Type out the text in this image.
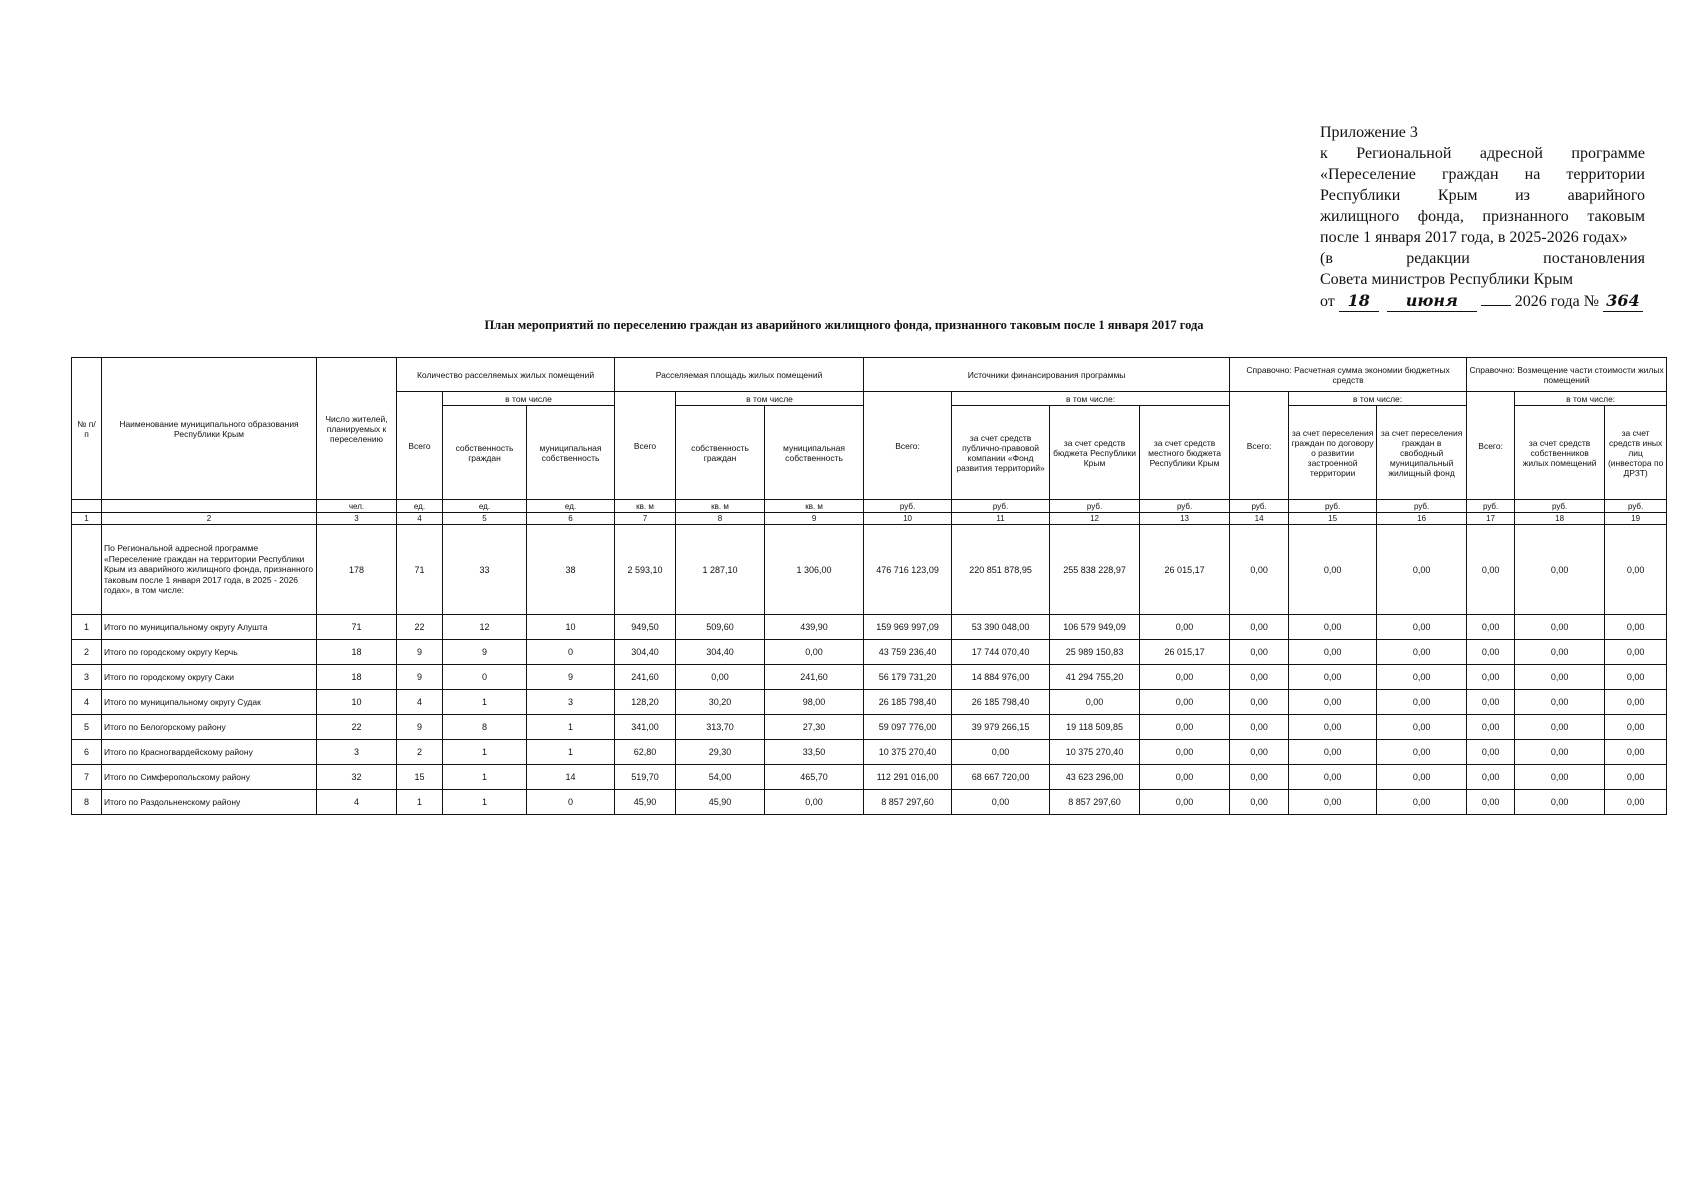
Приложение 3

к Региональной адресной программе

«Переселение граждан на территории

Республики Крым из аварийного

жилищного фонда, признанного таковым

после 1 января 2017 года, в 2025-2026 годах»

(в редакции постановления

Совета министров Республики Крым

от 18 июня	2026 года № 364

План мероприятий по переселению граждан из аварийного жилищного фонда, признанного таковым после 1 января 2017 года
№ п/ п	Наименование муниципального образования Республики Крым	Число жителей, планируемых к переселению	Количество расселяемых жилых помещений			Расселяемая площадь жилых помещений			Источники финансирования программы				Справочно: Расчетная сумма экономии бюджетных средств			Справочно: Возмещение части стоимости жилых помещений		
			Всего	в том числе		Всего	в том числе		Всего:	в том числе:			Всего:	в том числе:		Всего:	в том числе:	
				собственность граждан	муниципальная собственность		собственность граждан	муниципальная собственность		за счет средств публично-правовой компании «Фонд развития территорий»	за счет средств бюджета Республики Крым	за счет средств местного бюджета Республики Крым		за счет переселения граждан по договору о развитии застроенной территории	за счет переселения граждан в свободный муниципальный жилищный фонд		за счет средств собственников жилых помещений	за счет средств иных лиц (инвестора по ДРЗТ)
		чел.	ед.	ед.	ед.	кв. м	кв. м	кв. м	руб.	руб.	руб.	руб.	руб.	руб.	руб.	руб.	руб.	руб.
1	2	3	4	5	6	7	8	9	10	11	12	13	14	15	16	17	18	19
	По Региональной адресной программе «Переселение граждан на территории Республики Крым из аварийного жилищного фонда, признанного таковым после 1 января 2017 года, в 2025 - 2026 годах», в том числе:	178	71	33	38	2 593,10	1 287,10	1 306,00	476 716 123,09	220 851 878,95	255 838 228,97	26 015,17	0,00	0,00	0,00	0,00	0,00	0,00
1	Итого по муниципальному округу Алушта	71	22	12	10	949,50	509,60	439,90	159 969 997,09	53 390 048,00	106 579 949,09	0,00	0,00	0,00	0,00	0,00	0,00	0,00
2	Итого по городскому округу Керчь	18	9	9	0	304,40	304,40	0,00	43 759 236,40	17 744 070,40	25 989 150,83	26 015,17	0,00	0,00	0,00	0,00	0,00	0,00
3	Итого по городскому округу Саки	18	9	0	9	241,60	0,00	241,60	56 179 731,20	14 884 976,00	41 294 755,20	0,00	0,00	0,00	0,00	0,00	0,00	0,00
4	Итого по муниципальному округу Судак	10	4	1	3	128,20	30,20	98,00	26 185 798,40	26 185 798,40	0,00	0,00	0,00	0,00	0,00	0,00	0,00	0,00
5	Итого по Белогорскому району	22	9	8	1	341,00	313,70	27,30	59 097 776,00	39 979 266,15	19 118 509,85	0,00	0,00	0,00	0,00	0,00	0,00	0,00
6	Итого по Красногвардейскому району	3	2	1	1	62,80	29,30	33,50	10 375 270,40	0,00	10 375 270,40	0,00	0,00	0,00	0,00	0,00	0,00	0,00
7	Итого по Симферопольскому району	32	15	1	14	519,70	54,00	465,70	112 291 016,00	68 667 720,00	43 623 296,00	0,00	0,00	0,00	0,00	0,00	0,00	0,00
8	Итого по Раздольненскому району	4	1	1	0	45,90	45,90	0,00	8 857 297,60	0,00	8 857 297,60	0,00	0,00	0,00	0,00	0,00	0,00	0,00
